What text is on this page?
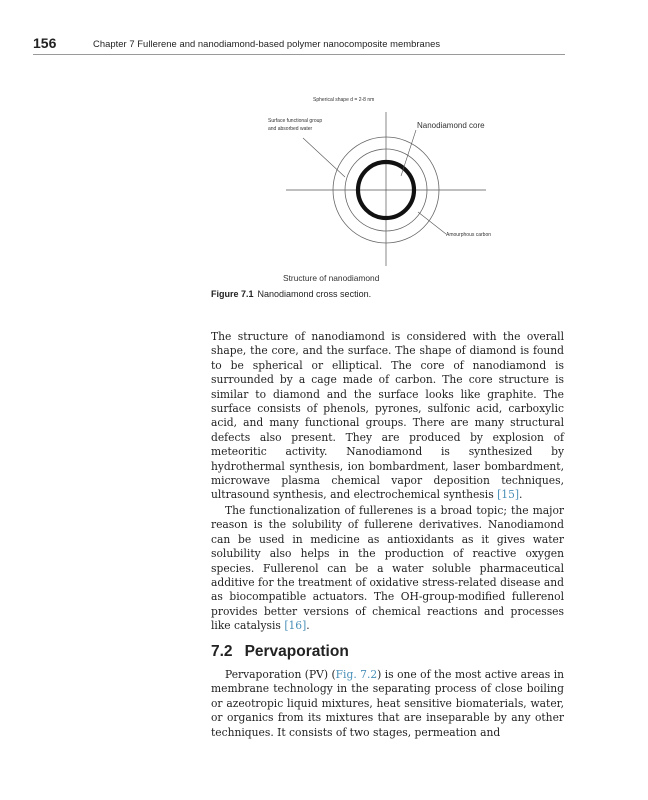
156	Chapter 7 Fullerene and nanodiamond-based polymer nanocomposite membranes
Spherical shape d = 2-8 nm
Surface functional group
and absorbed water	Nanodiamond core
Amourphous carbon
Structure of nanodiamond
Figure 7.1 Nanodiamond cross section.

The structure of nanodiamond is considered with the overall shape, the core, and the surface. The shape of diamond is found to be spherical or elliptical. The core of nanodiamond is surrounded by a cage made of carbon. The core structure is similar to diamond and the surface looks like graphite. The surface consists of phenols, pyrones, sulfonic acid, carboxylic acid, and many functional groups. There are many structural defects also present. They are produced by explosion of meteoritic activity. Nanodiamond is synthesized by hydrothermal synthesis, ion bombardment, laser bombardment, microwave plasma chemical vapor deposition techniques, ultrasound synthesis, and electrochemical synthesis [15].

The functionalization of fullerenes is a broad topic; the major reason is the solubility of fullerene derivatives. Nanodiamond can be used in medicine as antioxidants as it gives water solubility also helps in the production of reactive oxygen species. Fullerenol can be a water soluble pharmaceutical additive for the treatment of oxidative stress-related disease and as biocompatible actuators. The OH-group-modified fullerenol provides better versions of chemical reactions and processes like catalysis [16].

7.2 Pervaporation

Pervaporation (PV) (Fig. 7.2) is one of the most active areas in membrane technology in the separating process of close boiling or azeotropic liquid mixtures, heat sensitive biomaterials, water, or organics from its mixtures that are inseparable by any other techniques. It consists of two stages, permeation and
